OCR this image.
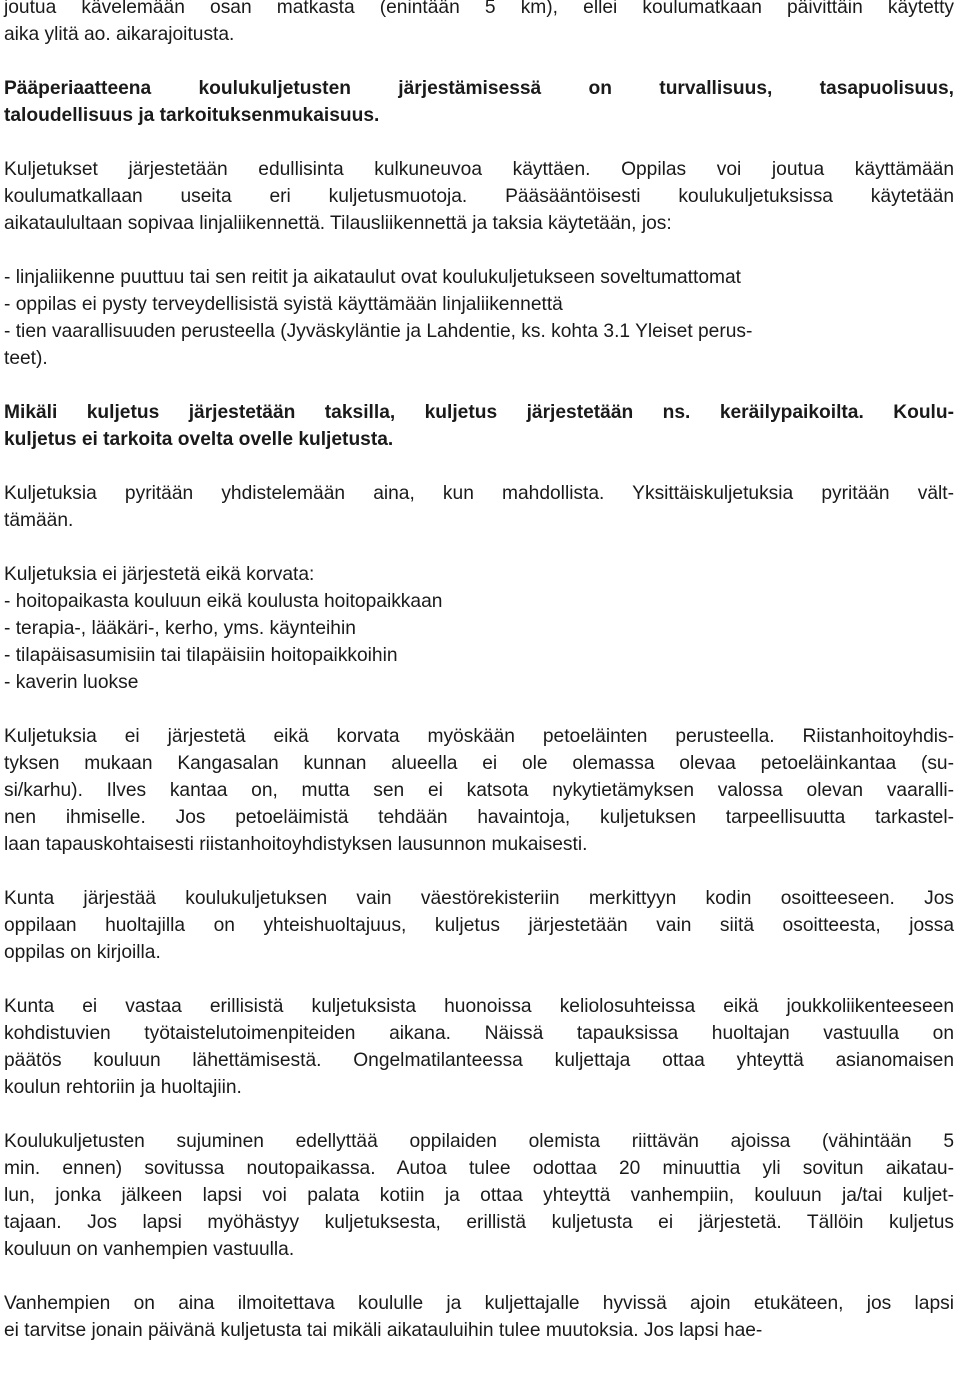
joutua kävelemään osan matkasta (enintään 5 km), ellei koulumatkaan päivittäin käytetty
aika ylitä ao. aikarajoitusta.
Pääperiaatteena koulukuljetusten järjestämisessä on turvallisuus, tasapuolisuus,
taloudellisuus ja tarkoituksenmukaisuus.
Kuljetukset järjestetään edullisinta kulkuneuvoa käyttäen. Oppilas voi joutua käyttämään
koulumatkallaan useita eri kuljetusmuotoja. Pääsääntöisesti koulukuljetuksissa käytetään
aikataulultaan sopivaa linjaliikennettä. Tilausliikennettä ja taksia käytetään, jos:
- linjaliikenne puuttuu tai sen reitit ja aikataulut ovat koulukuljetukseen soveltumattomat
- oppilas ei pysty terveydellisistä syistä käyttämään linjaliikennettä
- tien vaarallisuuden perusteella (Jyväskyläntie ja Lahdentie, ks. kohta 3.1 Yleiset perus-
teet).
Mikäli kuljetus järjestetään taksilla, kuljetus järjestetään ns. keräilypaikoilta. Koulu-
kuljetus ei tarkoita ovelta ovelle kuljetusta.
Kuljetuksia pyritään yhdistelemään aina, kun mahdollista. Yksittäiskuljetuksia pyritään vält-
tämään.
Kuljetuksia ei järjestetä eikä korvata:
- hoitopaikasta kouluun eikä koulusta hoitopaikkaan
- terapia-, lääkäri-, kerho, yms. käynteihin
- tilapäisasumisiin tai tilapäisiin hoitopaikkoihin
- kaverin luokse
Kuljetuksia ei järjestetä eikä korvata myöskään petoeläinten perusteella. Riistanhoitoyhdis-
tyksen mukaan Kangasalan kunnan alueella ei ole olemassa olevaa petoeläinkantaa (su-
si/karhu). Ilves kantaa on, mutta sen ei katsota nykytietämyksen valossa olevan vaaralli-
nen ihmiselle. Jos petoeläimistä tehdään havaintoja, kuljetuksen tarpeellisuutta tarkastel-
laan tapauskohtaisesti riistanhoitoyhdistyksen lausunnon mukaisesti.
Kunta järjestää koulukuljetuksen vain väestörekisteriin merkittyyn kodin osoitteeseen. Jos
oppilaan huoltajilla on yhteishuoltajuus, kuljetus järjestetään vain siitä osoitteesta, jossa
oppilas on kirjoilla.
Kunta ei vastaa erillisistä kuljetuksista huonoissa keliolosuhteissa eikä joukkoliikenteeseen
kohdistuvien työtaistelutoimenpiteiden aikana. Näissä tapauksissa huoltajan vastuulla on
päätös kouluun lähettämisestä. Ongelmatilanteessa kuljettaja ottaa yhteyttä asianomaisen
koulun rehtoriin ja huoltajiin.
Koulukuljetusten sujuminen edellyttää oppilaiden olemista riittävän ajoissa (vähintään 5
min. ennen) sovitussa noutopaikassa. Autoa tulee odottaa 20 minuuttia yli sovitun aikatau-
lun, jonka jälkeen lapsi voi palata kotiin ja ottaa yhteyttä vanhempiin, kouluun ja/tai kuljet-
tajaan. Jos lapsi myöhästyy kuljetuksesta, erillistä kuljetusta ei järjestetä. Tällöin kuljetus
kouluun on vanhempien vastuulla.
Vanhempien on aina ilmoitettava koululle ja kuljettajalle hyvissä ajoin etukäteen, jos lapsi
ei tarvitse jonain päivänä kuljetusta tai mikäli aikatauluihin tulee muutoksia. Jos lapsi hae-
